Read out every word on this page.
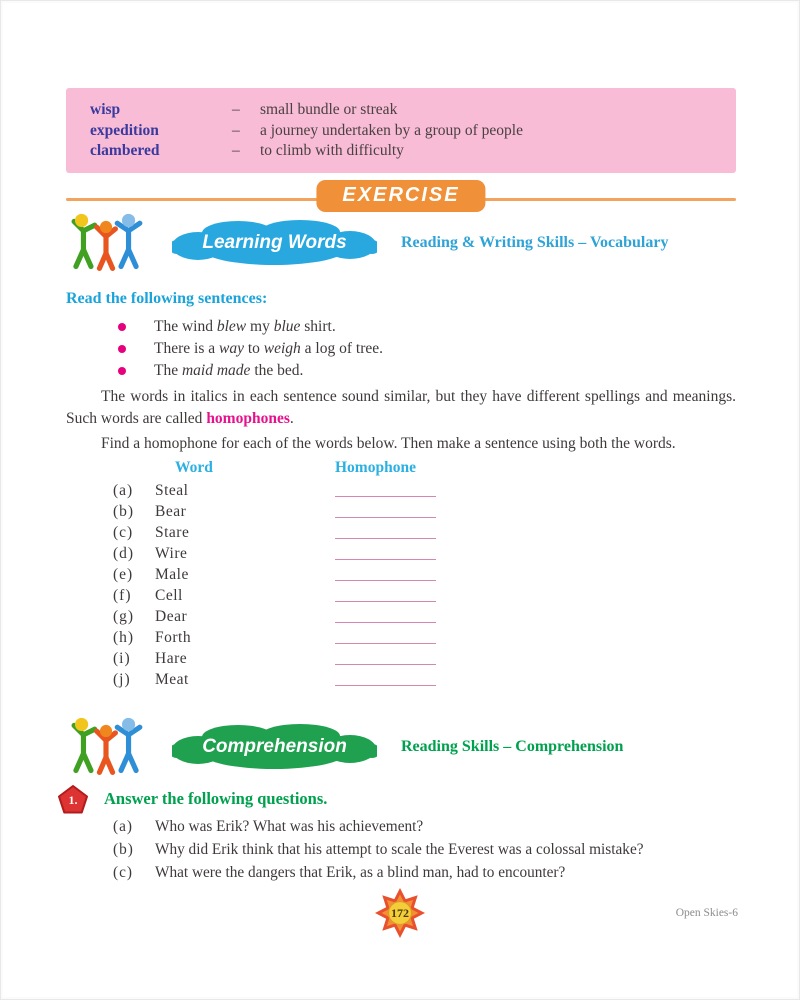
wisp	–	small bundle or streak
expedition	–	a journey undertaken by a group of people
clambered	–	to climb with difficulty
EXERCISE
Learning Words	Reading & Writing Skills – Vocabulary
Read the following sentences:
The wind blew my blue shirt.
There is a way to weigh a log of tree.
The maid made the bed.
The words in italics in each sentence sound similar, but they have different spellings and meanings. Such words are called homophones.
Find a homophone for each of the words below. Then make a sentence using both the words.
Word	Homophone
(a) Steal
(b) Bear
(c) Stare
(d) Wire
(e) Male
(f) Cell
(g) Dear
(h) Forth
(i) Hare
(j) Meat
Comprehension	Reading Skills – Comprehension
1.	Answer the following questions.
(a) Who was Erik? What was his achievement?
(b) Why did Erik think that his attempt to scale the Everest was a colossal mistake?
(c) What were the dangers that Erik, as a blind man, had to encounter?
172	Open Skies-6
